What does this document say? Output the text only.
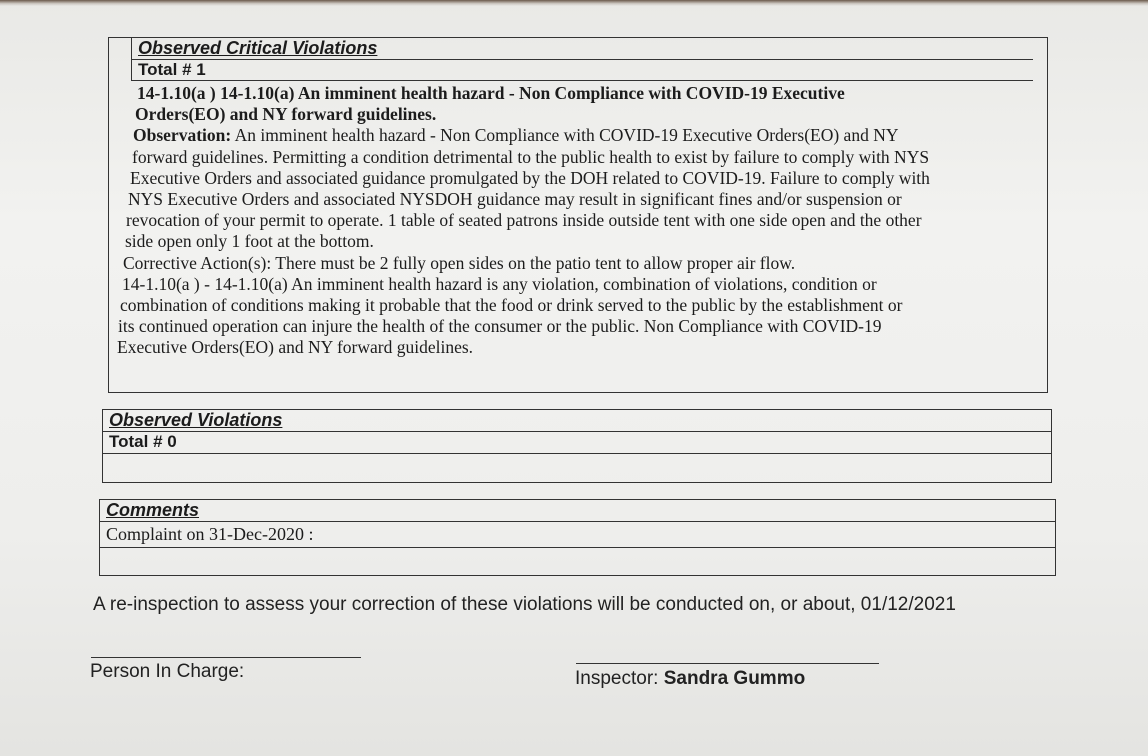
Observed Critical Violations
Total # 1
14-1.10(a ) 14-1.10(a) An imminent health hazard - Non Compliance with COVID-19 Executive
Orders(EO) and NY forward guidelines.
Observation: An imminent health hazard - Non Compliance with COVID-19 Executive Orders(EO) and NY
forward guidelines. Permitting a condition detrimental to the public health to exist by failure to comply with NYS
Executive Orders and associated guidance promulgated by the DOH related to COVID-19. Failure to comply with
NYS Executive Orders and associated NYSDOH guidance may result in significant fines and/or suspension or
revocation of your permit to operate. 1 table of seated patrons inside outside tent with one side open and the other
side open only 1 foot at the bottom.
Corrective Action(s): There must be 2 fully open sides on the patio tent to allow proper air flow.
14-1.10(a ) - 14-1.10(a) An imminent health hazard is any violation, combination of violations, condition or
combination of conditions making it probable that the food or drink served to the public by the establishment or
its continued operation can injure the health of the consumer or the public. Non Compliance with COVID-19
Executive Orders(EO) and NY forward guidelines.
Observed Violations
Total # 0
Comments
Complaint on 31-Dec-2020 :
A re-inspection to assess your correction of these violations will be conducted on, or about, 01/12/2021
Person In Charge:	Inspector: Sandra Gummo
